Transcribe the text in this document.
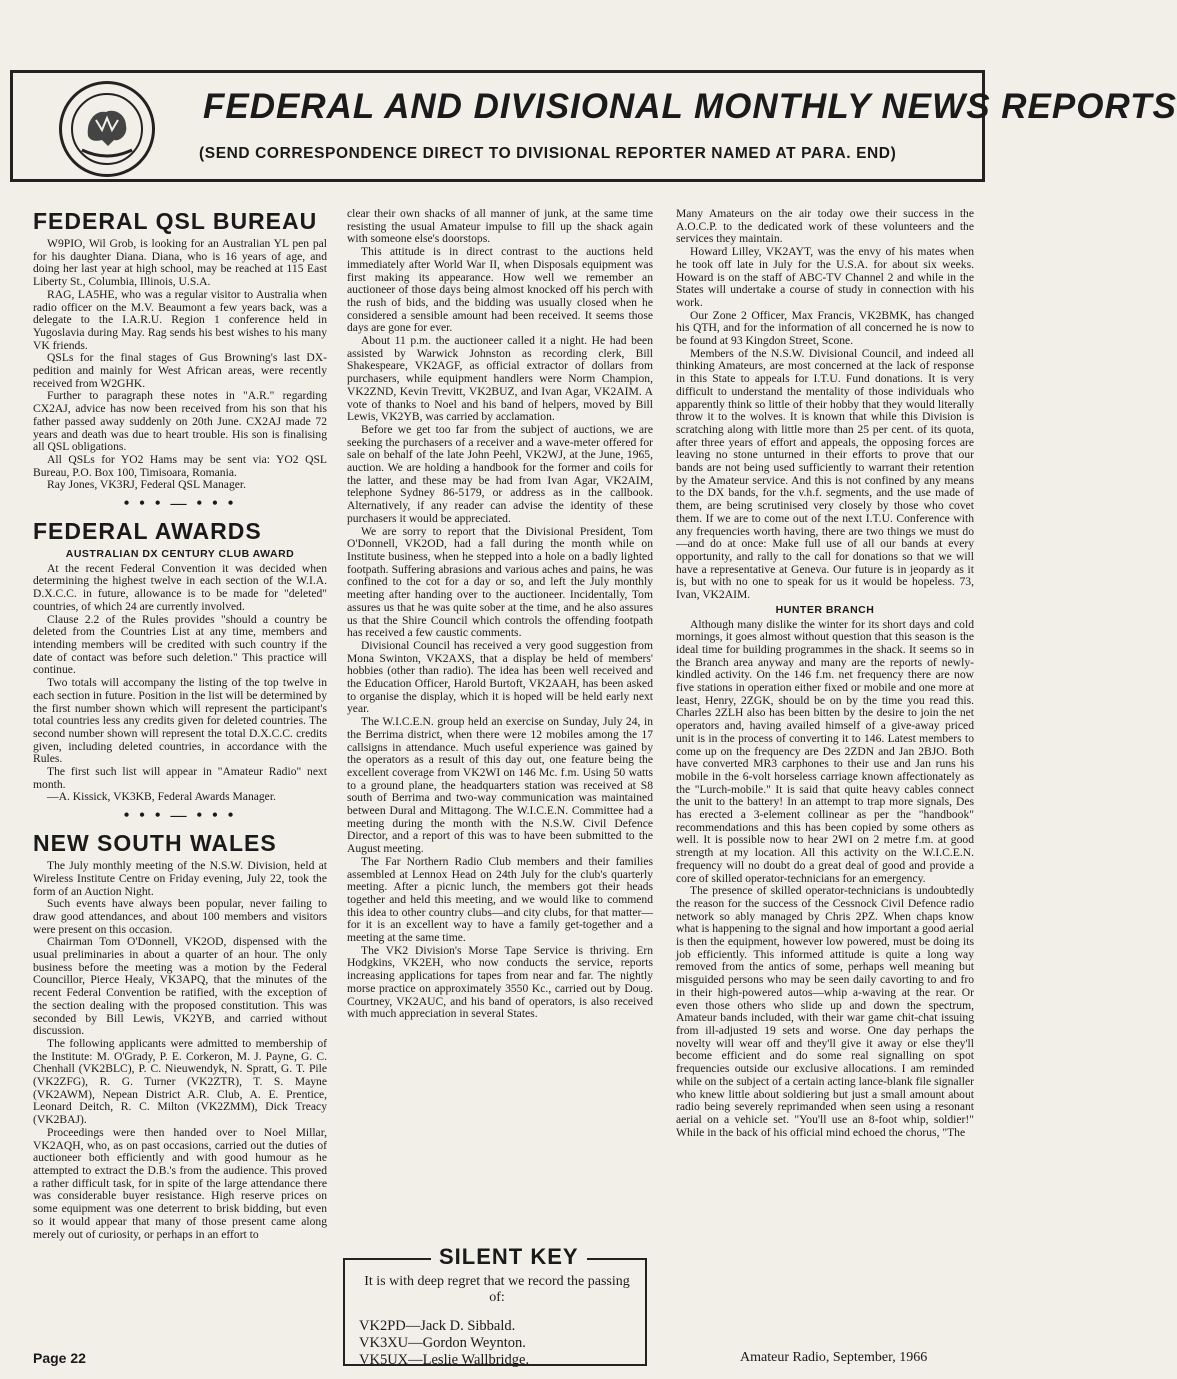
FEDERAL AND DIVISIONAL MONTHLY NEWS REPORTS
(SEND CORRESPONDENCE DIRECT TO DIVISIONAL REPORTER NAMED AT PARA. END)
FEDERAL QSL BUREAU

W9PIO, Wil Grob, is looking for an Australian YL pen pal for his daughter Diana. Diana, who is 16 years of age, and doing her last year at high school, may be reached at 115 East Liberty St., Columbia, Illinois, U.S.A.

RAG, LA5HE, who was a regular visitor to Australia when radio officer on the M.V. Beaumont a few years back, was a delegate to the I.A.R.U. Region 1 conference held in Yugoslavia during May. Rag sends his best wishes to his many VK friends.

QSLs for the final stages of Gus Browning's last DX-pedition and mainly for West African areas, were recently received from W2GHK.

Further to paragraph these notes in "A.R." regarding CX2AJ, advice has now been received from his son that his father passed away suddenly on 20th June. CX2AJ made 72 years and death was due to heart trouble. His son is finalising all QSL obligations.

All QSLs for YO2 Hams may be sent via: YO2 QSL Bureau, P.O. Box 100, Timisoara, Romania.

Ray Jones, VK3RJ, Federal QSL Manager.

• • • — • • •
FEDERAL AWARDS
AUSTRALIAN DX CENTURY CLUB AWARD

At the recent Federal Convention it was decided when determining the highest twelve in each section of the W.I.A. D.X.C.C. in future, allowance is to be made for "deleted" countries, of which 24 are currently involved.

Clause 2.2 of the Rules provides "should a country be deleted from the Countries List at any time, members and intending members will be credited with such country if the date of contact was before such deletion." This practice will continue.

Two totals will accompany the listing of the top twelve in each section in future. Position in the list will be determined by the first number shown which will represent the participant's total countries less any credits given for deleted countries. The second number shown will represent the total D.X.C.C. credits given, including deleted countries, in accordance with the Rules.

The first such list will appear in "Amateur Radio" next month.

—A. Kissick, VK3KB, Federal Awards Manager.

• • • — • • •
NEW SOUTH WALES

The July monthly meeting of the N.S.W. Division, held at Wireless Institute Centre on Friday evening, July 22, took the form of an Auction Night.

Such events have always been popular, never failing to draw good attendances, and about 100 members and visitors were present on this occasion.

Chairman Tom O'Donnell, VK2OD, dispensed with the usual preliminaries in about a quarter of an hour. The only business before the meeting was a motion by the Federal Councillor, Pierce Healy, VK3APQ, that the minutes of the recent Federal Convention be ratified, with the exception of the section dealing with the proposed constitution. This was seconded by Bill Lewis, VK2YB, and carried without discussion.

The following applicants were admitted to membership of the Institute: M. O'Grady, P. E. Corkeron, M. J. Payne, G. C. Chenhall (VK2BLC), P. C. Nieuwendyk, N. Spratt, G. T. Pile (VK2ZFG), R. G. Turner (VK2ZTR), T. S. Mayne (VK2AWM), Nepean District A.R. Club, A. E. Prentice, Leonard Deitch, R. C. Milton (VK2ZMM), Dick Treacy (VK2BAJ).

Proceedings were then handed over to Noel Millar, VK2AQH, who, as on past occasions, carried out the duties of auctioneer both efficiently and with good humour as he attempted to extract the D.B.'s from the audience. This proved a rather difficult task, for in spite of the large attendance there was considerable buyer resistance. High reserve prices on some equipment was one deterrent to brisk bidding, but even so it would appear that many of those present came along merely out of curiosity, or perhaps in an effort to

clear their own shacks of all manner of junk, at the same time resisting the usual Amateur impulse to fill up the shack again with someone else's doorstops.

This attitude is in direct contrast to the auctions held immediately after World War II, when Disposals equipment was first making its appearance. How well we remember an auctioneer of those days being almost knocked off his perch with the rush of bids, and the bidding was usually closed when he considered a sensible amount had been received. It seems those days are gone for ever.

About 11 p.m. the auctioneer called it a night. He had been assisted by Warwick Johnston as recording clerk, Bill Shakespeare, VK2AGF, as official extractor of dollars from purchasers, while equipment handlers were Norm Champion, VK2ZND, Kevin Trevitt, VK2BUZ, and Ivan Agar, VK2AIM. A vote of thanks to Noel and his band of helpers, moved by Bill Lewis, VK2YB, was carried by acclamation.

Before we get too far from the subject of auctions, we are seeking the purchasers of a receiver and a wave-meter offered for sale on behalf of the late John Peehl, VK2WJ, at the June, 1965, auction. We are holding a handbook for the former and coils for the latter, and these may be had from Ivan Agar, VK2AIM, telephone Sydney 86-5179, or address as in the callbook. Alternatively, if any reader can advise the identity of these purchasers it would be appreciated.

We are sorry to report that the Divisional President, Tom O'Donnell, VK2OD, had a fall during the month while on Institute business, when he stepped into a hole on a badly lighted footpath. Suffering abrasions and various aches and pains, he was confined to the cot for a day or so, and left the July monthly meeting after handing over to the auctioneer. Incidentally, Tom assures us that he was quite sober at the time, and he also assures us that the Shire Council which controls the offending footpath has received a few caustic comments.

Divisional Council has received a very good suggestion from Mona Swinton, VK2AXS, that a display be held of members' hobbies (other than radio). The idea has been well received and the Education Officer, Harold Burtoft, VK2AAH, has been asked to organise the display, which it is hoped will be held early next year.

The W.I.C.E.N. group held an exercise on Sunday, July 24, in the Berrima district, when there were 12 mobiles among the 17 callsigns in attendance. Much useful experience was gained by the operators as a result of this day out, one feature being the excellent coverage from VK2WI on 146 Mc. f.m. Using 50 watts to a ground plane, the headquarters station was received at S8 south of Berrima and two-way communication was maintained between Dural and Mittagong. The W.I.C.E.N. Committee had a meeting during the month with the N.S.W. Civil Defence Director, and a report of this was to have been submitted to the August meeting.

The Far Northern Radio Club members and their families assembled at Lennox Head on 24th July for the club's quarterly meeting. After a picnic lunch, the members got their heads together and held this meeting, and we would like to commend this idea to other country clubs—and city clubs, for that matter—for it is an excellent way to have a family get-together and a meeting at the same time.

The VK2 Division's Morse Tape Service is thriving. Ern Hodgkins, VK2EH, who now conducts the service, reports increasing applications for tapes from near and far. The nightly morse practice on approximately 3550 Kc., carried out by Doug. Courtney, VK2AUC, and his band of operators, is also received with much appreciation in several States.

SILENT KEY
It is with deep regret that we record the passing of:
VK2PD—Jack D. Sibbald.
VK3XU—Gordon Weynton.
VK5UX—Leslie Wallbridge.

Many Amateurs on the air today owe their success in the A.O.C.P. to the dedicated work of these volunteers and the services they maintain.

Howard Lilley, VK2AYT, was the envy of his mates when he took off late in July for the U.S.A. for about six weeks. Howard is on the staff of ABC-TV Channel 2 and while in the States will undertake a course of study in connection with his work.

Our Zone 2 Officer, Max Francis, VK2BMK, has changed his QTH, and for the information of all concerned he is now to be found at 93 Kingdon Street, Scone.

Members of the N.S.W. Divisional Council, and indeed all thinking Amateurs, are most concerned at the lack of response in this State to appeals for I.T.U. Fund donations. It is very difficult to understand the mentality of those individuals who apparently think so little of their hobby that they would literally throw it to the wolves. It is known that while this Division is scratching along with little more than 25 per cent. of its quota, after three years of effort and appeals, the opposing forces are leaving no stone unturned in their efforts to prove that our bands are not being used sufficiently to warrant their retention by the Amateur service. And this is not confined by any means to the DX bands, for the v.h.f. segments, and the use made of them, are being scrutinised very closely by those who covet them. If we are to come out of the next I.T.U. Conference with any frequencies worth having, there are two things we must do—and do at once: Make full use of all our bands at every opportunity, and rally to the call for donations so that we will have a representative at Geneva. Our future is in jeopardy as it is, but with no one to speak for us it would be hopeless. 73, Ivan, VK2AIM.

HUNTER BRANCH

Although many dislike the winter for its short days and cold mornings, it goes almost without question that this season is the ideal time for building programmes in the shack. It seems so in the Branch area anyway and many are the reports of newly-kindled activity. On the 146 f.m. net frequency there are now five stations in operation either fixed or mobile and one more at least, Henry, 2ZGK, should be on by the time you read this. Charles 2ZLH also has been bitten by the desire to join the net operators and, having availed himself of a give-away priced unit is in the process of converting it to 146. Latest members to come up on the frequency are Des 2ZDN and Jan 2BJO. Both have converted MR3 carphones to their use and Jan runs his mobile in the 6-volt horseless carriage known affectionately as the "Lurch-mobile." It is said that quite heavy cables connect the unit to the battery! In an attempt to trap more signals, Des has erected a 3-element collinear as per the "handbook" recommendations and this has been copied by some others as well. It is possible now to hear 2WI on 2 metre f.m. at good strength at my location. All this activity on the W.I.C.E.N. frequency will no doubt do a great deal of good and provide a core of skilled operator-technicians for an emergency.

The presence of skilled operator-technicians is undoubtedly the reason for the success of the Cessnock Civil Defence radio network so ably managed by Chris 2PZ. When chaps know what is happening to the signal and how important a good aerial is then the equipment, however low powered, must be doing its job efficiently. This informed attitude is quite a long way removed from the antics of some, perhaps well meaning but misguided persons who may be seen daily cavorting to and fro in their high-powered autos—whip a-waving at the rear. Or even those others who slide up and down the spectrum, Amateur bands included, with their war game chit-chat issuing from ill-adjusted 19 sets and worse. One day perhaps the novelty will wear off and they'll give it away or else they'll become efficient and do some real signalling on spot frequencies outside our exclusive allocations. I am reminded while on the subject of a certain acting lance-blank file signaller who knew little about soldiering but just a small amount about radio being severely reprimanded when seen using a resonant aerial on a vehicle set. "You'll use an 8-foot whip, soldier!" While in the back of his official mind echoed the chorus, "The

Page 22	Amateur Radio, September, 1966
